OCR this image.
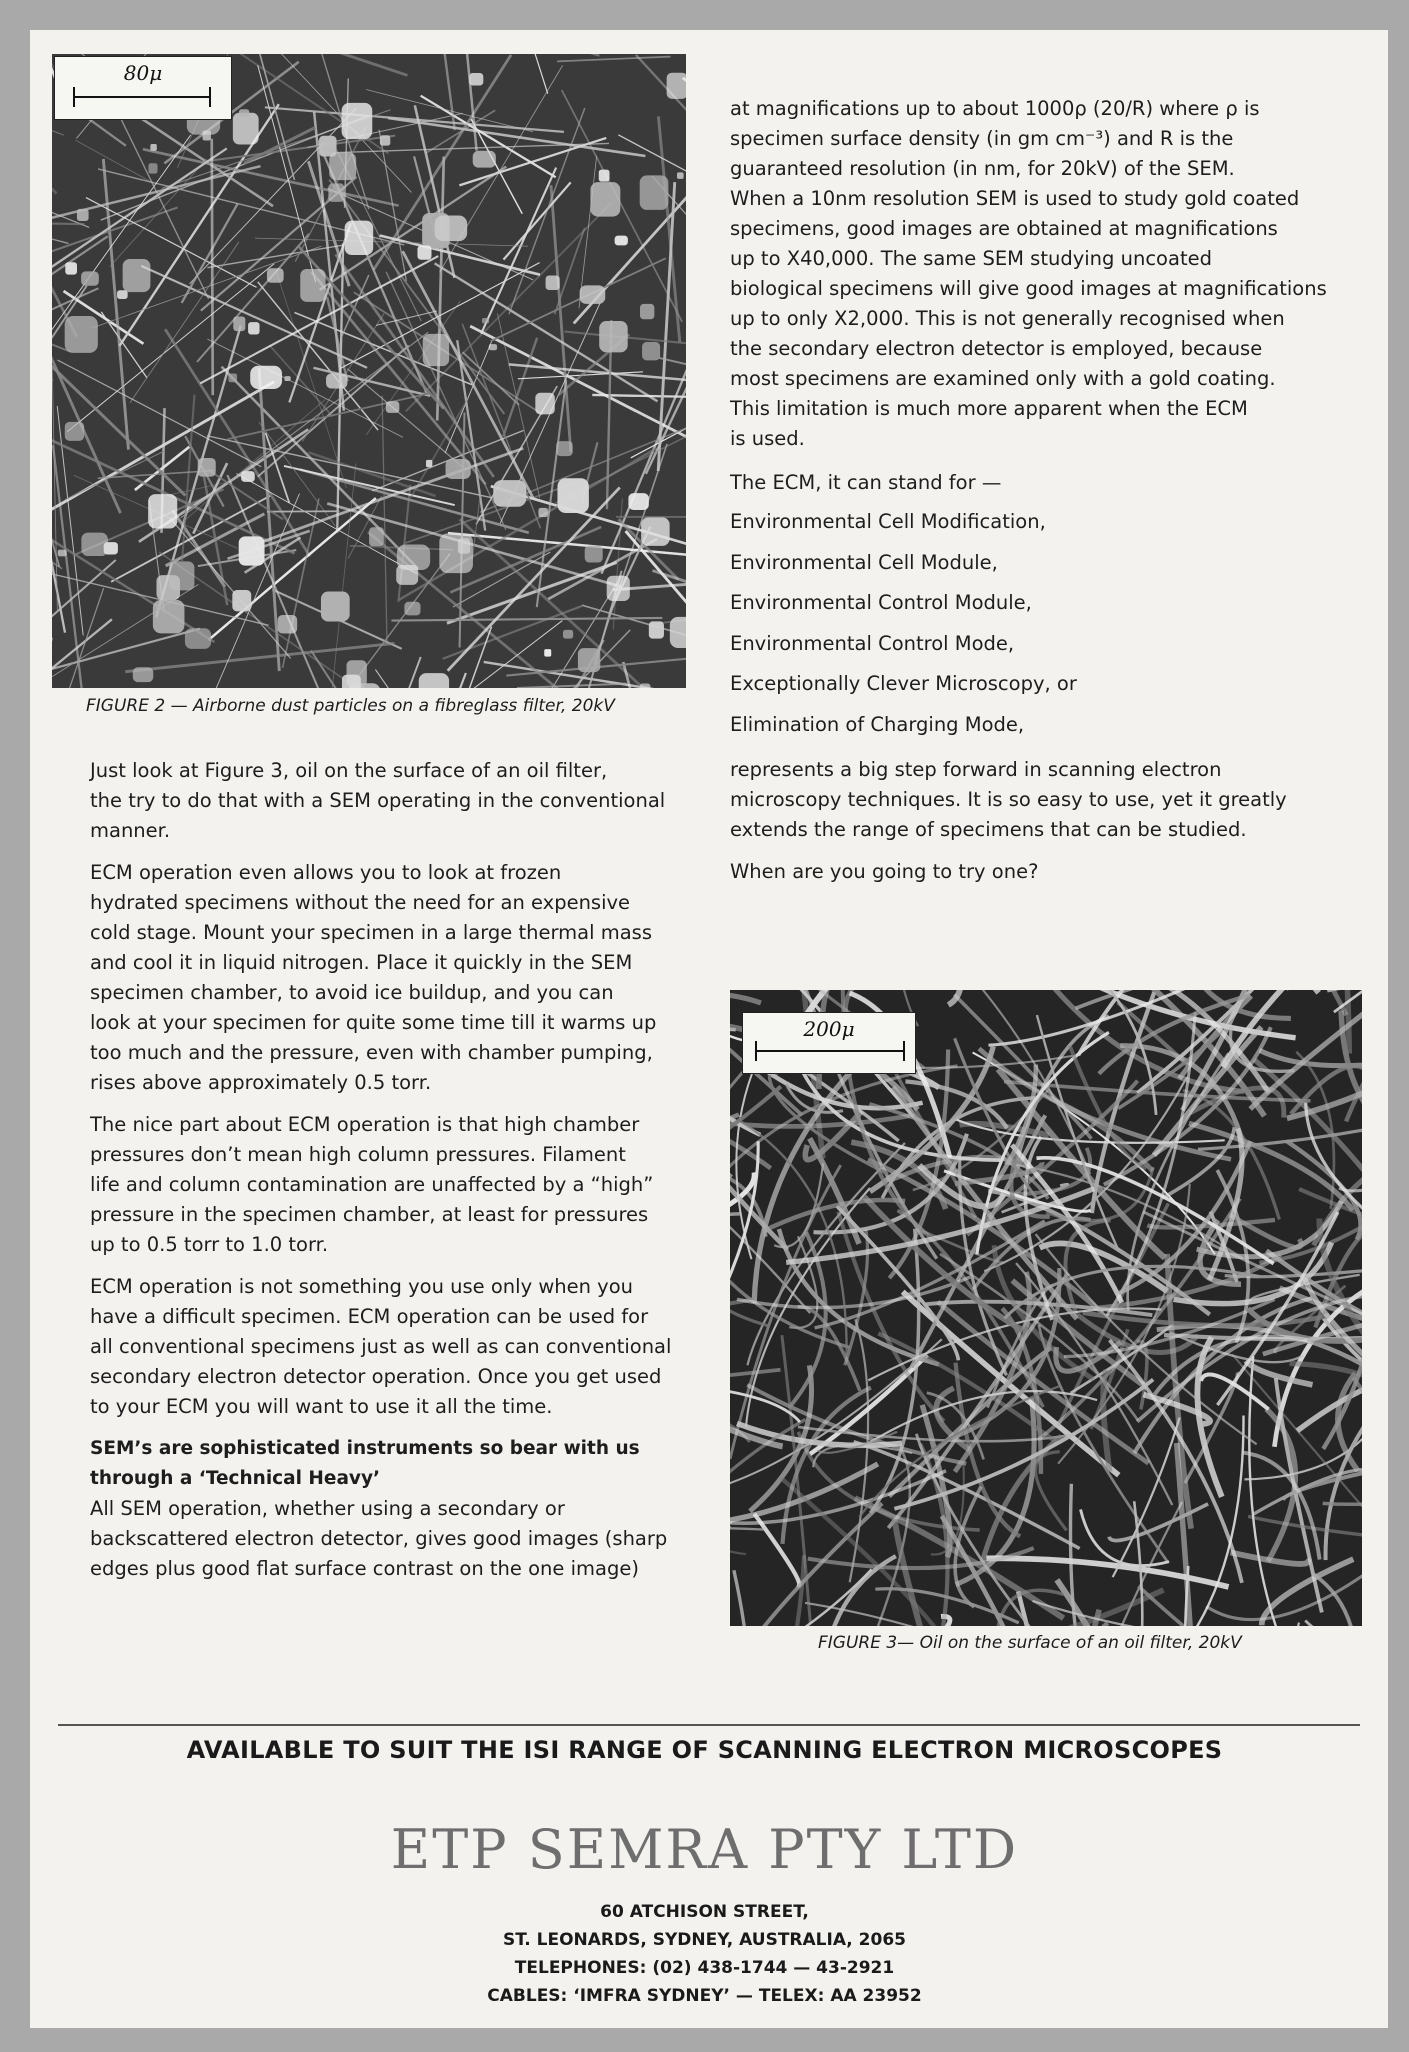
80μ
FIGURE 2 — Airborne dust particles on a fibreglass filter, 20kV

at magnifications up to about 1000ρ (20/R) where ρ is
specimen surface density (in gm cm⁻³) and R is the
guaranteed resolution (in nm, for 20kV) of the SEM.
When a 10nm resolution SEM is used to study gold coated
specimens, good images are obtained at magnifications
up to X40,000. The same SEM studying uncoated
biological specimens will give good images at magnifications
up to only X2,000. This is not generally recognised when
the secondary electron detector is employed, because
most specimens are examined only with a gold coating.
This limitation is much more apparent when the ECM
is used.

The ECM, it can stand for —

Environmental Cell Modification,

Environmental Cell Module,

Environmental Control Module,

Environmental Control Mode,

Exceptionally Clever Microscopy, or

Elimination of Charging Mode,

represents a big step forward in scanning electron
microscopy techniques. It is so easy to use, yet it greatly
extends the range of specimens that can be studied.

When are you going to try one?

200μ
FIGURE 3— Oil on the surface of an oil filter, 20kV

Just look at Figure 3, oil on the surface of an oil filter,
the try to do that with a SEM operating in the conventional
manner.

ECM operation even allows you to look at frozen
hydrated specimens without the need for an expensive
cold stage. Mount your specimen in a large thermal mass
and cool it in liquid nitrogen. Place it quickly in the SEM
specimen chamber, to avoid ice buildup, and you can
look at your specimen for quite some time till it warms up
too much and the pressure, even with chamber pumping,
rises above approximately 0.5 torr.

The nice part about ECM operation is that high chamber
pressures don’t mean high column pressures. Filament
life and column contamination are unaffected by a “high”
pressure in the specimen chamber, at least for pressures
up to 0.5 torr to 1.0 torr.

ECM operation is not something you use only when you
have a difficult specimen. ECM operation can be used for
all conventional specimens just as well as can conventional
secondary electron detector operation. Once you get used
to your ECM you will want to use it all the time.

SEM’s are sophisticated instruments so bear with us
through a ‘Technical Heavy’

All SEM operation, whether using a secondary or
backscattered electron detector, gives good images (sharp
edges plus good flat surface contrast on the one image)

AVAILABLE TO SUIT THE ISI RANGE OF SCANNING ELECTRON MICROSCOPES
ETP SEMRA PTY LTD
60 ATCHISON STREET,
ST. LEONARDS, SYDNEY, AUSTRALIA, 2065
TELEPHONES: (02) 438-1744 — 43-2921
CABLES: ‘IMFRA SYDNEY’ — TELEX: AA 23952
